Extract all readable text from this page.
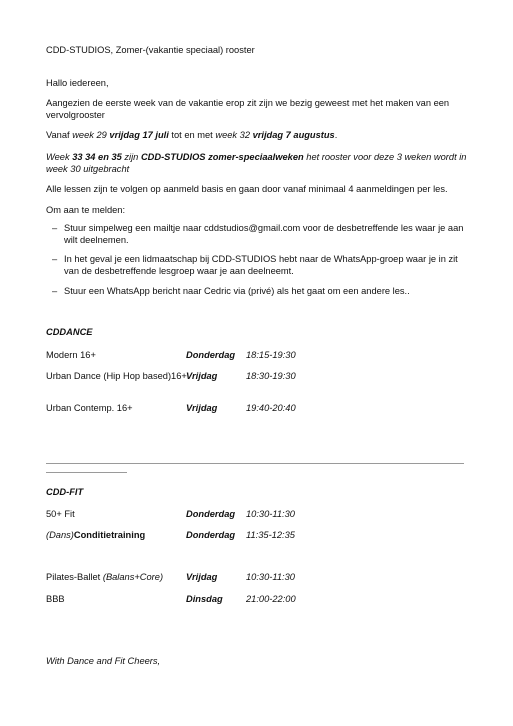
CDD-STUDIOS, Zomer-(vakantie speciaal) rooster
Hallo iedereen,
Aangezien de eerste week van de vakantie erop zit zijn we bezig geweest met het maken van een vervolgrooster
Vanaf week 29 vrijdag 17 juli tot en met week 32 vrijdag 7 augustus.
Week 33 34 en 35 zijn CDD-STUDIOS zomer-speciaalweken het rooster voor deze 3 weken wordt in week 30 uitgebracht
Alle lessen zijn te volgen op aanmeld basis en gaan door vanaf minimaal 4 aanmeldingen per les.
Om aan te melden:
– Stuur simpelweg een mailtje naar cddstudios@gmail.com voor de desbetreffende les waar je aan wilt deelnemen.
– In het geval je een lidmaatschap bij CDD-STUDIOS hebt naar de WhatsApp-groep waar je in zit van de desbetreffende lesgroep waar je aan deelneemt.
– Stuur een WhatsApp bericht naar Cedric via (privé) als het gaat om een andere les..
CDDANCE
Modern 16+	Donderdag 18:15-19:30
Urban Dance (Hip Hop based)16+ Vrijdag	18:30-19:30
Urban Contemp. 16+	Vrijdag	19:40-20:40
CDD-FIT
50+ Fit	Donderdag 10:30-11:30
(Dans)Conditietraining	Donderdag 11:35-12:35
Pilates-Ballet (Balans+Core) Vrijdag	10:30-11:30
BBB	Dinsdag	21:00-22:00
With Dance and Fit Cheers,
